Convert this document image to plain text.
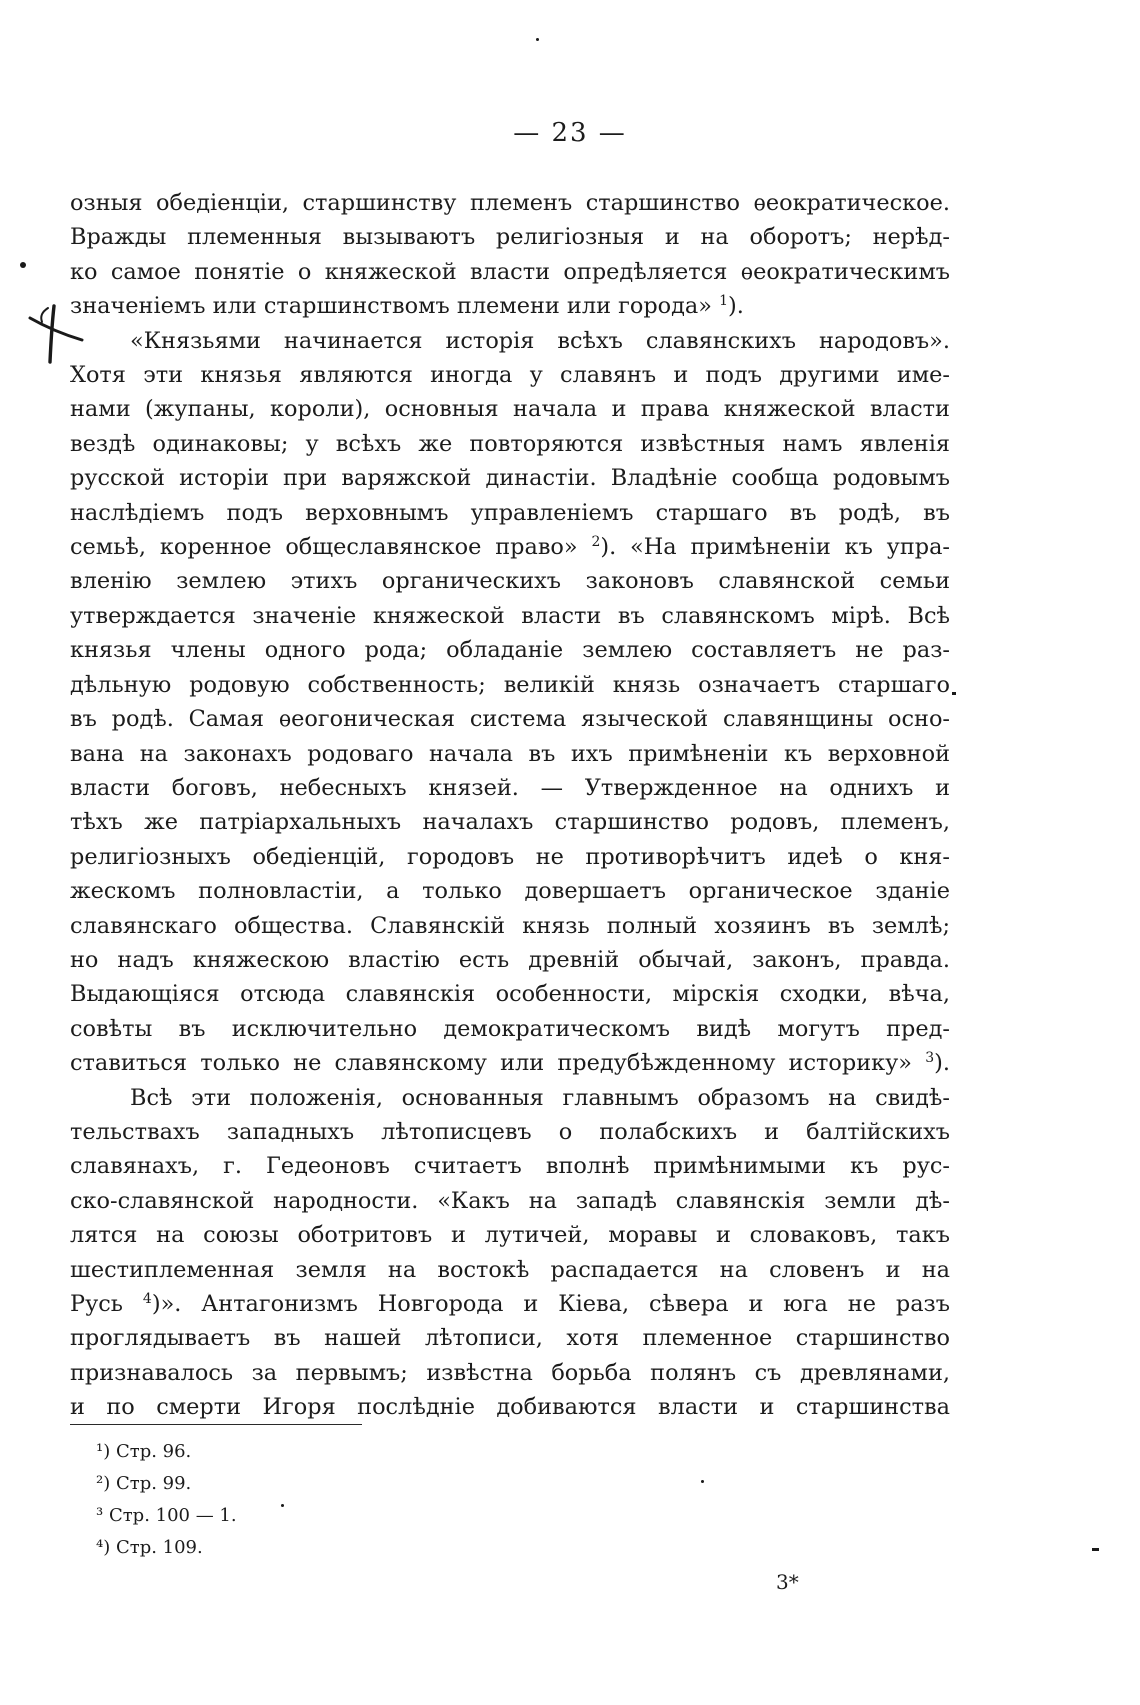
— 23 —
озныя обедіенціи, старшинству племенъ старшинство ѳеократическое.
Вражды племенныя вызываютъ религіозныя и на оборотъ; нерѣд-
ко самое понятіе о княжеской власти опредѣляется ѳеократическимъ
значеніемъ или старшинствомъ племени или города» $^1$).
«Князьями начинается исторія всѣхъ славянскихъ народовъ».
Хотя эти князья являются иногда у славянъ и подъ другими име-
нами (жупаны, короли), основныя начала и права княжеской власти
вездѣ одинаковы; у всѣхъ же повторяются извѣстныя намъ явленія
русской исторіи при варяжской династіи. Владѣніе сообща родовымъ
наслѣдіемъ подъ верховнымъ управленіемъ старшаго въ родѣ, въ
семьѣ, коренное общеславянское право» $^2$). «На примѣненіи къ упра-
вленію землею этихъ органическихъ законовъ славянской семьи
утверждается значеніе княжеской власти въ славянскомъ мірѣ. Всѣ
князья члены одного рода; обладаніе землею составляетъ не раз-
дѣльную родовую собственность; великій князь означаетъ старшаго
въ родѣ. Самая ѳеогоническая система языческой славянщины осно-
вана на законахъ родоваго начала въ ихъ примѣненіи къ верховной
власти боговъ, небесныхъ князей. — Утвержденное на однихъ и
тѣхъ же патріархальныхъ началахъ старшинство родовъ, племенъ,
религіозныхъ обедіенцій, городовъ не противорѣчитъ идеѣ о кня-
жескомъ полновластіи, а только довершаетъ органическое зданіе
славянскаго общества. Славянскій князь полный хозяинъ въ землѣ;
но надъ княжескою властію есть древній обычай, законъ, правда.
Выдающіяся отсюда славянскія особенности, мірскія сходки, вѣча,
совѣты въ исключительно демократическомъ видѣ могутъ пред-
ставиться только не славянскому или предубѣжденному историку» $^3$).
Всѣ эти положенія, основанныя главнымъ образомъ на свидѣ-
тельствахъ западныхъ лѣтописцевъ о полабскихъ и балтійскихъ
славянахъ, г. Гедеоновъ считаетъ вполнѣ примѣнимыми къ рус-
ско-славянской народности. «Какъ на западѣ славянскія земли дѣ-
лятся на союзы оботритовъ и лутичей, моравы и словаковъ, такъ
шестиплеменная земля на востокѣ распадается на словенъ и на
Русь $^4$)». Антагонизмъ Новгорода и Кіева, сѣвера и юга не разъ
проглядываетъ въ нашей лѣтописи, хотя племенное старшинство
признавалось за первымъ; извѣстна борьба полянъ съ древлянами,
и по смерти Игоря послѣдніе добиваются власти и старшинства
¹) Стр. 96.
²) Стр. 99.
³ Стр. 100 — 1.
⁴) Стр. 109.
3*
